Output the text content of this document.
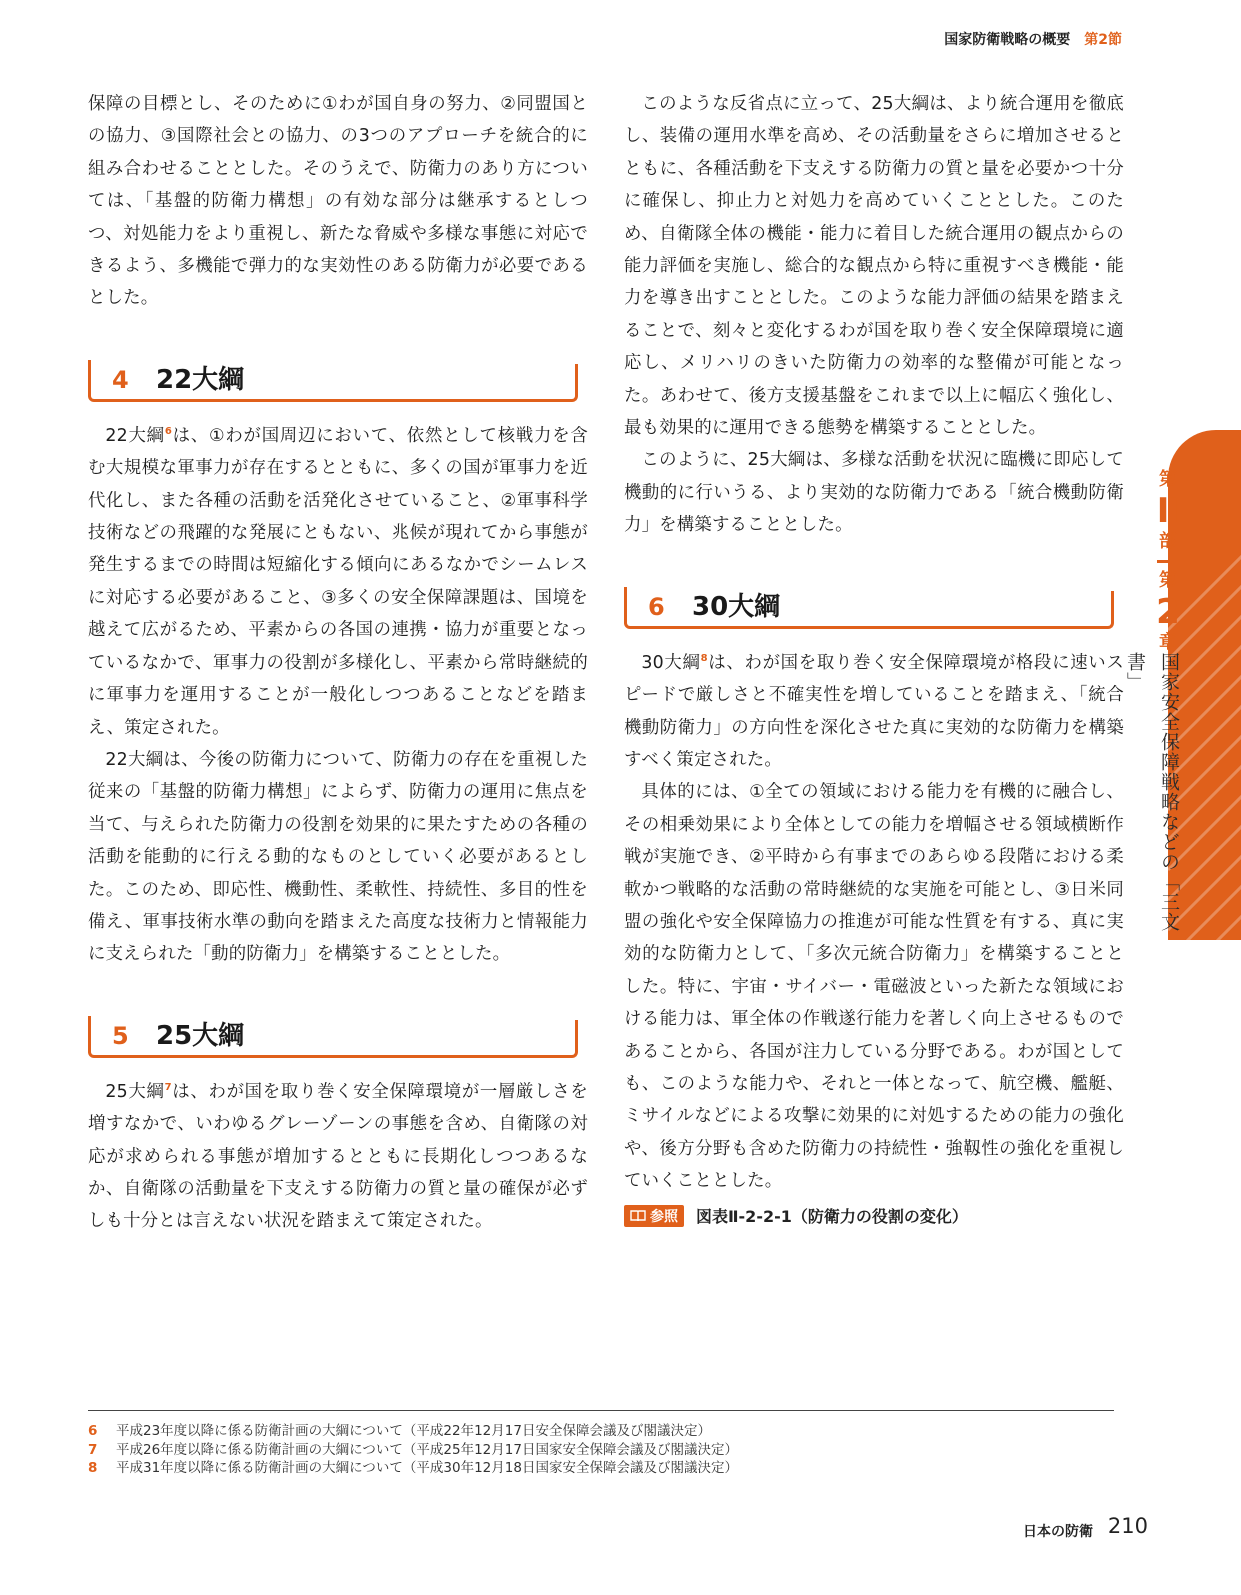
国家防衛戦略の概要 第2節

保障の目標とし、そのために①わが国自身の努力、②同盟国との協力、③国際社会との協力、の3つのアプローチを統合的に組み合わせることとした。そのうえで、防衛力のあり方については、「基盤的防衛力構想」の有効な部分は継承するとしつつ、対処能力をより重視し、新たな脅威や多様な事態に対応できるよう、多機能で弾力的な実効性のある防衛力が必要であるとした。

4 22大綱

22大綱$^6$は、①わが国周辺において、依然として核戦力を含む大規模な軍事力が存在するとともに、多くの国が軍事力を近代化し、また各種の活動を活発化させていること、②軍事科学技術などの飛躍的な発展にともない、兆候が現れてから事態が発生するまでの時間は短縮化する傾向にあるなかでシームレスに対応する必要があること、③多くの安全保障課題は、国境を越えて広がるため、平素からの各国の連携・協力が重要となっているなかで、軍事力の役割が多様化し、平素から常時継続的に軍事力を運用することが一般化しつつあることなどを踏まえ、策定された。

22大綱は、今後の防衛力について、防衛力の存在を重視した従来の「基盤的防衛力構想」によらず、防衛力の運用に焦点を当て、与えられた防衛力の役割を効果的に果たすための各種の活動を能動的に行える動的なものとしていく必要があるとした。このため、即応性、機動性、柔軟性、持続性、多目的性を備え、軍事技術水準の動向を踏まえた高度な技術力と情報能力に支えられた「動的防衛力」を構築することとした。

5 25大綱

25大綱$^7$は、わが国を取り巻く安全保障環境が一層厳しさを増すなかで、いわゆるグレーゾーンの事態を含め、自衛隊の対応が求められる事態が増加するとともに長期化しつつあるなか、自衛隊の活動量を下支えする防衛力の質と量の確保が必ずしも十分とは言えない状況を踏まえて策定された。

このような反省点に立って、25大綱は、より統合運用を徹底し、装備の運用水準を高め、その活動量をさらに増加させるとともに、各種活動を下支えする防衛力の質と量を必要かつ十分に確保し、抑止力と対処力を高めていくこととした。このため、自衛隊全体の機能・能力に着目した統合運用の観点からの能力評価を実施し、総合的な観点から特に重視すべき機能・能力を導き出すこととした。このような能力評価の結果を踏まえることで、刻々と変化するわが国を取り巻く安全保障環境に適応し、メリハリのきいた防衛力の効率的な整備が可能となった。あわせて、後方支援基盤をこれまで以上に幅広く強化し、最も効果的に運用できる態勢を構築することとした。

このように、25大綱は、多様な活動を状況に臨機に即応して機動的に行いうる、より実効的な防衛力である「統合機動防衛力」を構築することとした。

6 30大綱

30大綱$^8$は、わが国を取り巻く安全保障環境が格段に速いスピードで厳しさと不確実性を増していることを踏まえ、「統合機動防衛力」の方向性を深化させた真に実効的な防衛力を構築すべく策定された。

具体的には、①全ての領域における能力を有機的に融合し、その相乗効果により全体としての能力を増幅させる領域横断作戦が実施でき、②平時から有事までのあらゆる段階における柔軟かつ戦略的な活動の常時継続的な実施を可能とし、③日米同盟の強化や安全保障協力の推進が可能な性質を有する、真に実効的な防衛力として、「多次元統合防衛力」を構築することとした。特に、宇宙・サイバー・電磁波といった新たな領域における能力は、軍全体の作戦遂行能力を著しく向上させるものであることから、各国が注力している分野である。わが国としても、このような能力や、それと一体となって、航空機、艦艇、ミサイルなどによる攻撃に効果的に対処するための能力の強化や、後方分野も含めた防衛力の持続性・強靱性の強化を重視していくこととした。

参照 図表Ⅱ-2-2-1（防衛力の役割の変化）
6 平成23年度以降に係る防衛計画の大綱について（平成22年12月17日安全保障会議及び閣議決定）
7 平成26年度以降に係る防衛計画の大綱について（平成25年12月17日国家安全保障会議及び閣議決定）
8 平成31年度以降に係る防衛計画の大綱について（平成30年12月18日国家安全保障会議及び閣議決定）
日本の防衛 210
第
Ⅱ
部
第
2
章
国家安全保障戦略などの「三文書」
